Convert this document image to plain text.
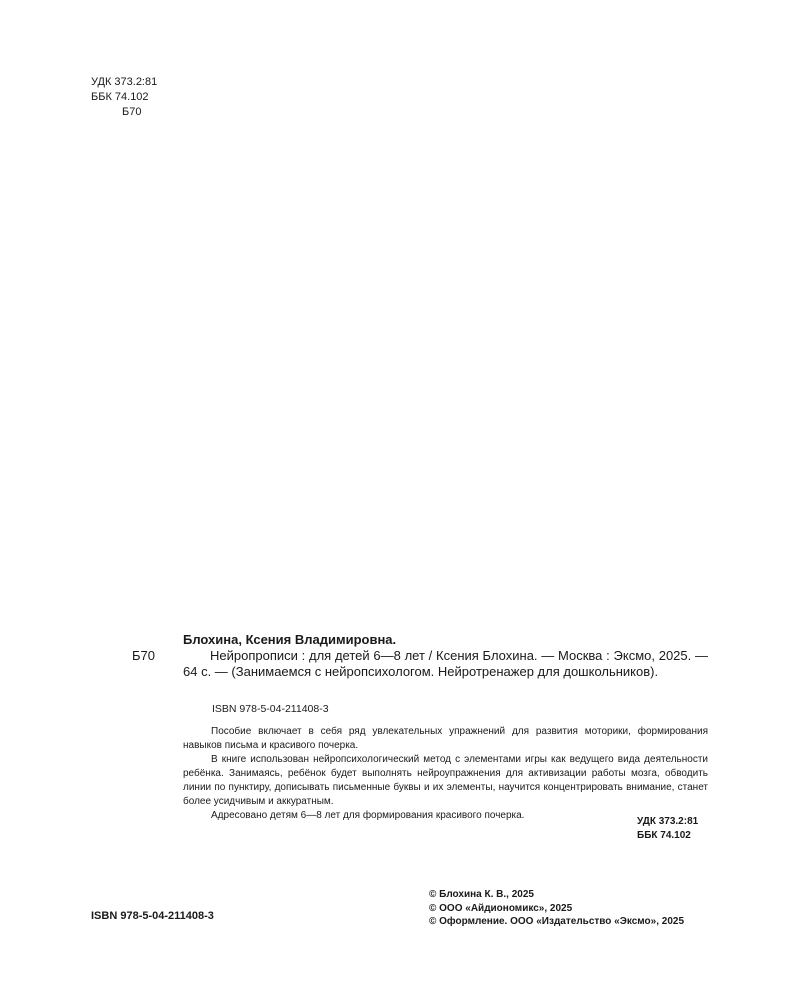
УДК 373.2:81
ББК 74.102
Б70
Блохина, Ксения Владимировна.
Б70	Нейропрописи : для детей 6—8 лет / Ксения Блохина. — Москва : Эксмо, 2025. — 64 с. — (Занимаемся с нейропсихологом. Нейротренажер для дошкольников).

ISBN 978-5-04-211408-3

Пособие включает в себя ряд увлекательных упражнений для развития моторики, формирования навыков письма и красивого почерка.

В книге использован нейропсихологический метод с элементами игры как ведущего вида деятельности ребёнка. Занимаясь, ребёнок будет выполнять нейроупражнения для активизации работы мозга, обводить линии по пунктиру, дописывать письменные буквы и их элементы, научится концентрировать внимание, станет более усидчивым и аккуратным.

Адресовано детям 6—8 лет для формирования красивого почерка.

УДК 373.2:81
ББК 74.102
ISBN 978-5-04-211408-3
© Блохина К. В., 2025
© ООО «Айдиономикс», 2025
© Оформление. ООО «Издательство «Эксмо», 2025
